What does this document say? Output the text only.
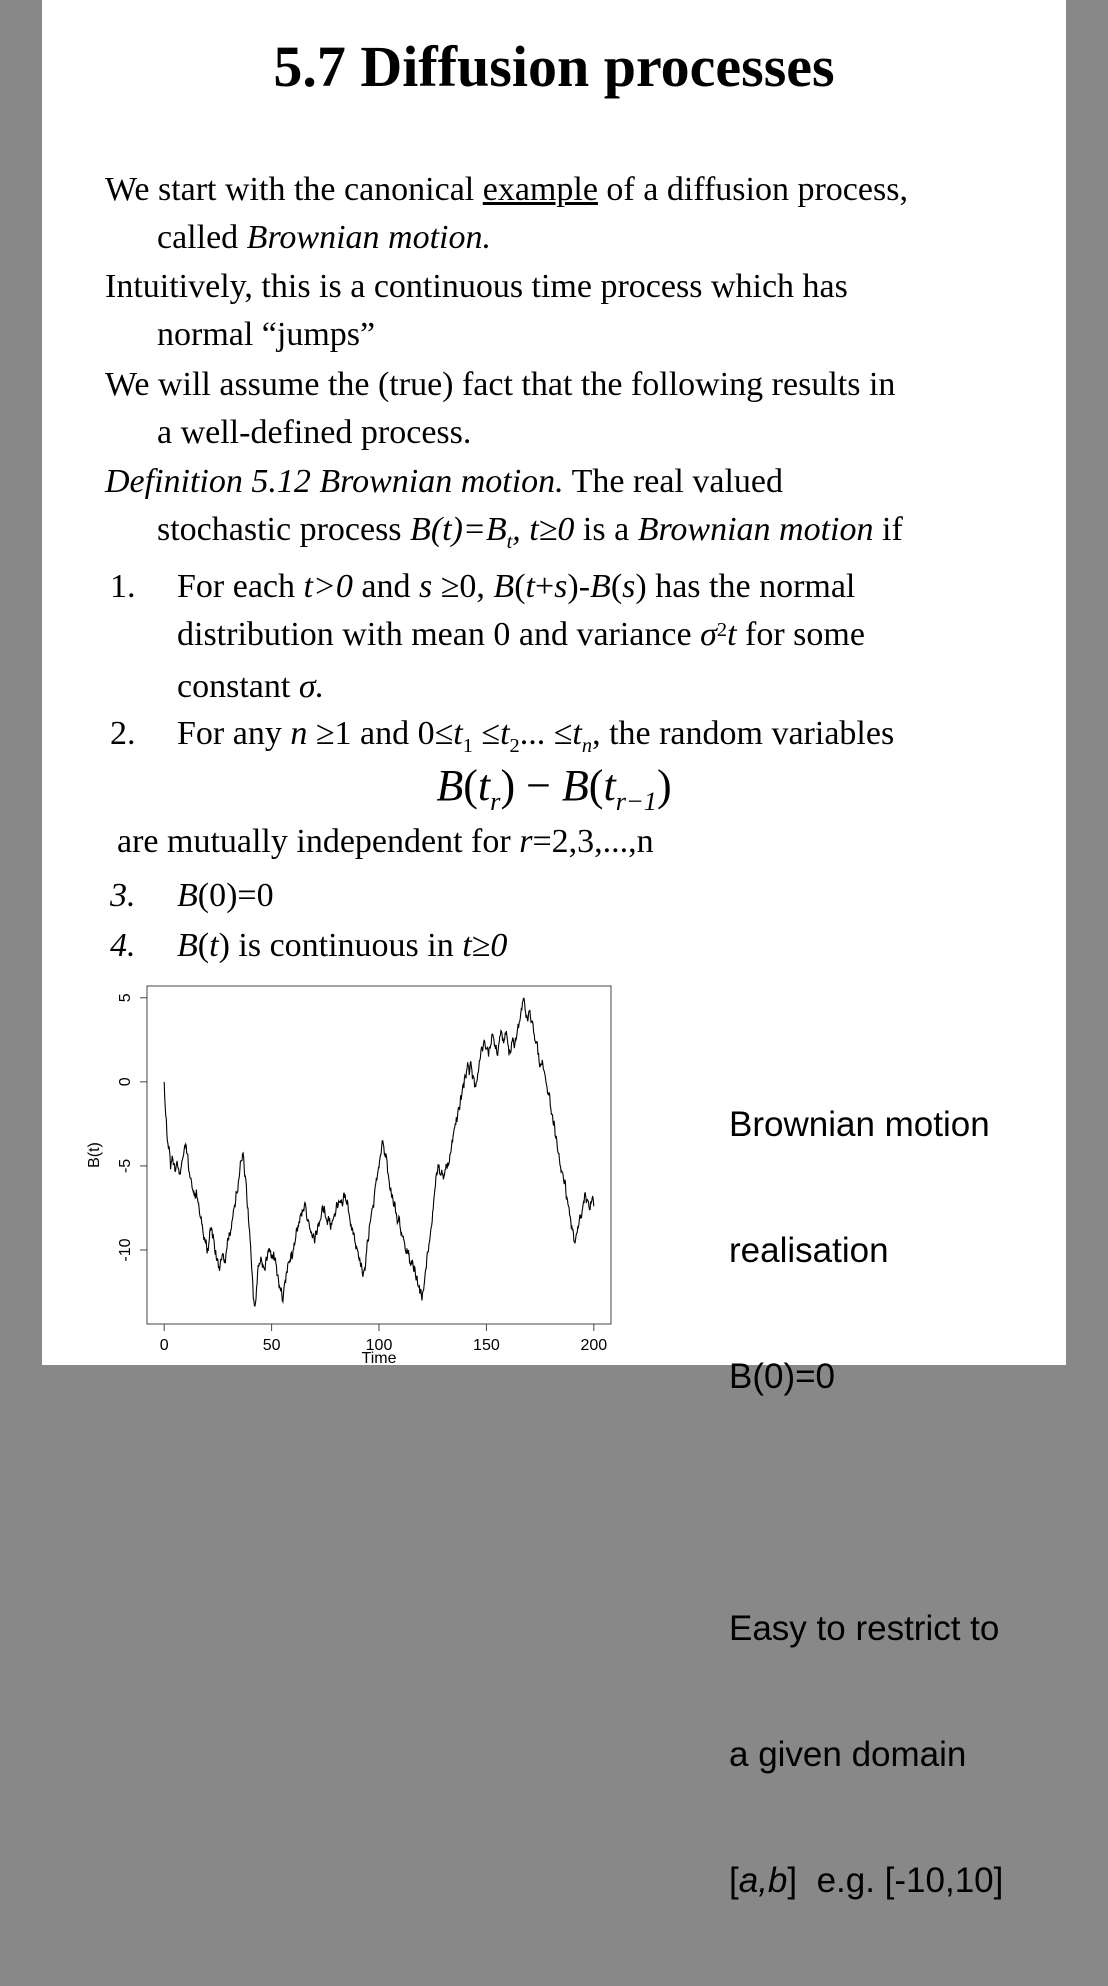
5.7 Diffusion processes
We start with the canonical example of a diffusion process,
called Brownian motion.
Intuitively, this is a continuous time process which has
normal “jumps”
We will assume the (true) fact that the following results in
a well-defined process.
Definition 5.12 Brownian motion. The real valued
stochastic process $B(t)=B_t$, t≥0 is a Brownian motion if
1. For each t>0 and s ≥0, B(t+s)-B(s) has the normal
distribution with mean 0 and variance $\sigma^2t$ for some
constant σ.
2. For any n ≥1 and $0\le t_1 \le t_2$... $\le t_n$, the random variables
$B(t_r) - B(t_{r-1})$
are mutually independent for r=2,3,...,n
3. B(0)=0
4. B(t) is continuous in t≥0
0	50	100	150	200
5
0
-5
-10
Time
B(t)

Brownian motion

realisation

B(0)=0

Easy to restrict to

a given domain

[a,b]  e.g. [-10,10]
